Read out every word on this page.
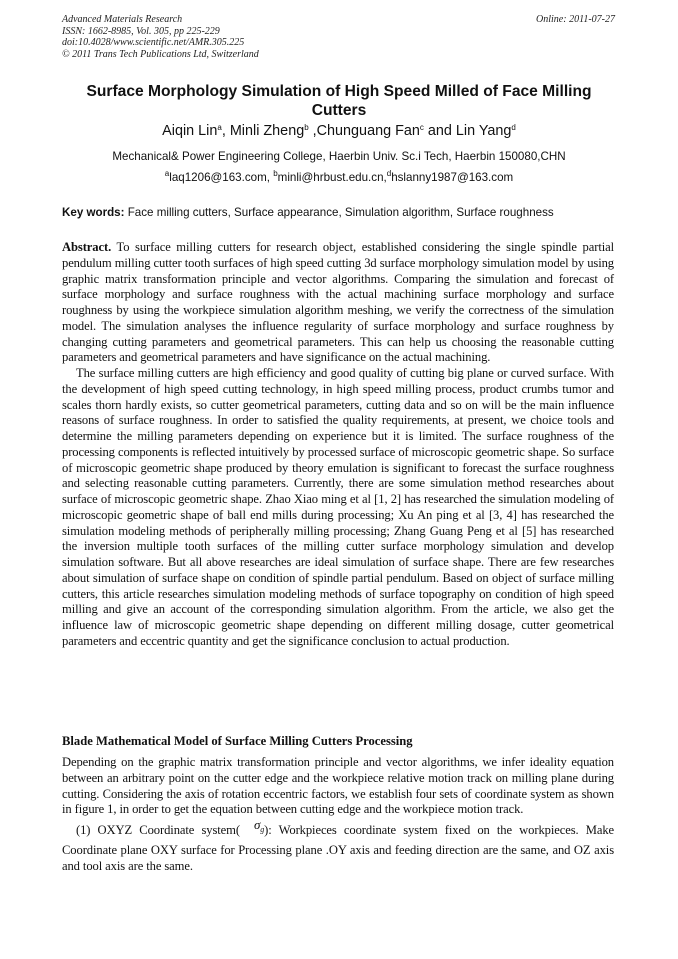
Advanced Materials Research
ISSN: 1662-8985, Vol. 305, pp 225-229
doi:10.4028/www.scientific.net/AMR.305.225
© 2011 Trans Tech Publications Ltd, Switzerland
Online: 2011-07-27
Surface Morphology Simulation of High Speed Milled of Face Milling Cutters
Aiqin Lin$^a$, Minli Zheng$^b$ ,Chunguang Fan$^c$ and Lin Yang$^d$
Mechanical& Power Engineering College, Haerbin Univ. Sc.i Tech, Haerbin 150080,CHN
$^a$laq1206@163.com, $^b$minli@hrbust.edu.cn,$^d$hslanny1987@163.com
Key words: Face milling cutters, Surface appearance, Simulation algorithm, Surface roughness

Abstract. To surface milling cutters for research object, established considering the single spindle partial pendulum milling cutter tooth surfaces of high speed cutting 3d surface morphology simulation model by using graphic matrix transformation principle and vector algorithms. Comparing the simulation and forecast of surface morphology and surface roughness with the actual machining surface morphology and surface roughness by using the workpiece simulation algorithm meshing, we verify the correctness of the simulation model. The simulation analyses the influence regularity of surface morphology and surface roughness by changing cutting parameters and geometrical parameters. This can help us choosing the reasonable cutting parameters and geometrical parameters and have significance on the actual machining.

The surface milling cutters are high efficiency and good quality of cutting big plane or curved surface. With the development of high speed cutting technology, in high speed milling process, product crumbs tumor and scales thorn hardly exists, so cutter geometrical parameters, cutting data and so on will be the main influence reasons of surface roughness. In order to satisfied the quality requirements, at present, we choice tools and determine the milling parameters depending on experience but it is limited. The surface roughness of the processing components is reflected intuitively by processed surface of microscopic geometric shape. So surface of microscopic geometric shape produced by theory emulation is significant to forecast the surface roughness and selecting reasonable cutting parameters. Currently, there are some simulation method researches about surface of microscopic geometric shape. Zhao Xiao ming et al [1, 2] has researched the simulation modeling of microscopic geometric shape of ball end mills during processing; Xu An ping et al [3, 4] has researched the simulation modeling methods of peripherally milling processing; Zhang Guang Peng et al [5] has researched the inversion multiple tooth surfaces of the milling cutter surface morphology simulation and develop simulation software. But all above researches are ideal simulation of surface shape. There are few researches about simulation of surface shape on condition of spindle partial pendulum. Based on object of surface milling cutters, this article researches simulation modeling methods of surface topography on condition of high speed milling and give an account of the corresponding simulation algorithm. From the article, we also get the influence law of microscopic geometric shape depending on different milling dosage, cutter geometrical parameters and eccentric quantity and get the significance conclusion to actual production.

Blade Mathematical Model of Surface Milling Cutters Processing

Depending on the graphic matrix transformation principle and vector algorithms, we infer ideality equation between an arbitrary point on the cutter edge and the workpiece relative motion track on milling plane during cutting. Considering the axis of rotation eccentric factors, we establish four sets of coordinate system as shown in figure 1, in order to get the equation between cutting edge and the workpiece motion track.

(1) OXYZ Coordinate system( $\sigma_g$): Workpieces coordinate system fixed on the workpieces. Make Coordinate plane OXY surface for Processing plane .OY axis and feeding direction are the same, and OZ axis and tool axis are the same.
